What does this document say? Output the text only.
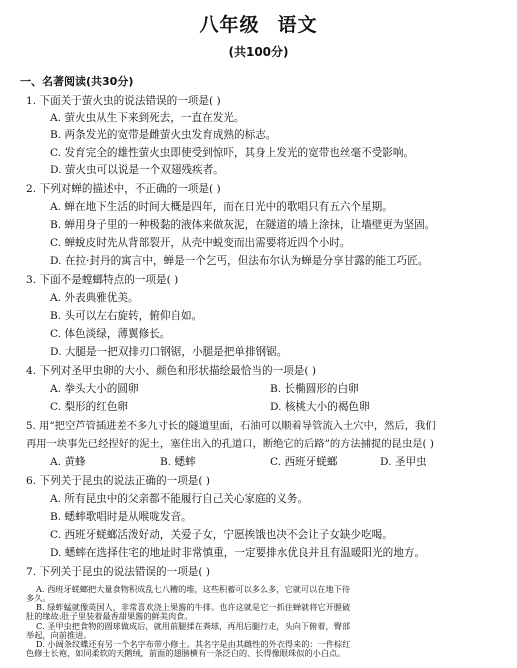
八年级 语文
(共100分)
一、名著阅读(共30分)
1. 下面关于萤火虫的说法错误的一项是( )
A. 萤火虫从生下来到死去，一直在发光。
B. 两条发光的宽带是雌萤火虫发育成熟的标志。
C. 发育完全的雄性萤火虫即使受到惊吓，其身上发光的宽带也丝毫不受影响。
D. 萤火虫可以说是一个双翅残疾者。
2. 下列对蝉的描述中，不正确的一项是( )
A. 蝉在地下生活的时间大概是四年，而在日光中的歌唱只有五六个星期。
B. 蝉用身子里的一种极黏的液体来做灰泥，在隧道的墙上涂抹，让墙壁更为坚固。
C. 蝉蛻皮时先从背部裂开，从壳中蜕变而出需要将近四个小时。
D. 在拉·封丹的寓言中，蝉是一个乞丐，但法布尔认为蝉是分享甘露的能工巧匠。
3. 下面不是螳螂特点的一项是( )
A. 外表典雅优美。
B. 头可以左右旋转，俯仰自如。
C. 体色淡绿，薄翼修长。
D. 大腿是一把双排刃口钢锯，小腿是把单排钢锯。
4. 下列对圣甲虫卵的大小、颜色和形状描绘最恰当的一项是( )
A. 拳头大小的圆卵	B. 长椭圆形的白卵
C. 梨形的红色卵	D. 核桃大小的褐色卵
5. 用“把空芦管插进差不多九寸长的隧道里面，石油可以顺着导管流入土穴中，然后，我们
再用一块事先已经捏好的泥土，塞住出入的孔道口，断绝它的后路”的方法捕捉的昆虫是( )
A. 黄蜂	B. 蟋蟀	C. 西班牙蜣螂	D. 圣甲虫
6. 下列关于昆虫的说法正确的一项是( )
A. 所有昆虫中的父亲都不能履行自己关心家庭的义务。
B. 蟋蟀歌唱时是从喉咙发音。
C. 西班牙蜣螂活泼好动，关爱子女，宁愿挨饿也决不会让子女缺少吃喝。
D. 蟋蟀在选择住宅的地址时非常慎重，一定要排水优良并且有温暖阳光的地方。
7. 下列关于昆虫的说法错误的一项是( )
A. 西班牙蜣螂把大量食物积成乱七八糟的堆，这些积蓄可以多么多，它就可以在地下待
多久。
B. 绿蚱蜢就像英国人，非常喜欢浇上果酱的牛排。也许这就是它一抓住蝉就将它开膛破
肚的缘故:肚子里装着最香甜果酱的鲜美肉食。
C. 圣甲虫把食物的圆球做成后，就用前腿揉在粪球，再用后腿行走，头向下俯着，臀部
举起，向前推进。
D. 小阔条纹蝶还有另一个名字布带小修士。其名字是由其雌性的外衣得来的：一件棕红
色修士长袍，如同柔软的天鹅绒，前面的翅膀横有一条泛白的、长得像眼珠似的小白点。
